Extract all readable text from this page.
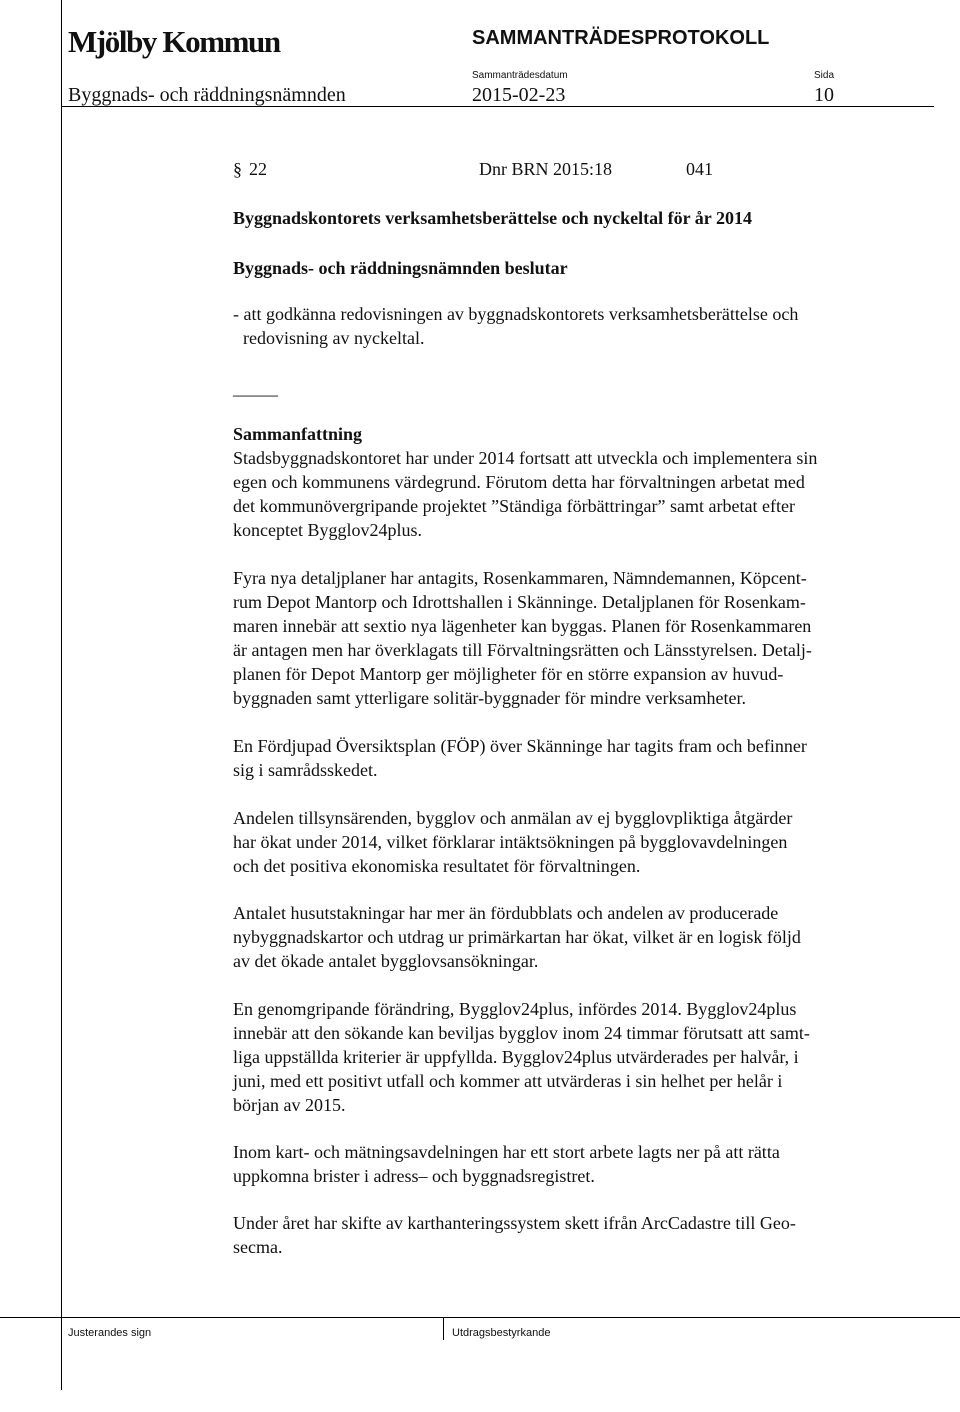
Mjölby Kommun	SAMMANTRÄDESPROTOKOLL
Sammanträdesdatum	Sida
Byggnads- och räddningsnämnden	2015-02-23	10
§ 22	Dnr BRN 2015:18	041

Byggnadskontorets verksamhetsberättelse och nyckeltal för år 2014

Byggnads- och räddningsnämnden beslutar

- att godkänna redovisningen av byggnadskontorets verksamhetsberättelse och

redovisning av nyckeltal.

_____

Sammanfattning

Stadsbyggnadskontoret har under 2014 fortsatt att utveckla och implementera sin

egen och kommunens värdegrund. Förutom detta har förvaltningen arbetat med

det kommunövergripande projektet ”Ständiga förbättringar” samt arbetat efter

konceptet Bygglov24plus.

Fyra nya detaljplaner har antagits, Rosenkammaren, Nämndemannen, Köpcent-

rum Depot Mantorp och Idrottshallen i Skänninge. Detaljplanen för Rosenkam-

maren innebär att sextio nya lägenheter kan byggas. Planen för Rosenkammaren

är antagen men har överklagats till Förvaltningsrätten och Länsstyrelsen. Detalj-

planen för Depot Mantorp ger möjligheter för en större expansion av huvud-

byggnaden samt ytterligare solitär-byggnader för mindre verksamheter.

En Fördjupad Översiktsplan (FÖP) över Skänninge har tagits fram och befinner

sig i samrådsskedet.

Andelen tillsynsärenden, bygglov och anmälan av ej bygglovpliktiga åtgärder

har ökat under 2014, vilket förklarar intäktsökningen på bygglovavdelningen

och det positiva ekonomiska resultatet för förvaltningen.

Antalet husutstakningar har mer än fördubblats och andelen av producerade

nybyggnadskartor och utdrag ur primärkartan har ökat, vilket är en logisk följd

av det ökade antalet bygglovsansökningar.

En genomgripande förändring, Bygglov24plus, infördes 2014. Bygglov24plus

innebär att den sökande kan beviljas bygglov inom 24 timmar förutsatt att samt-

liga uppställda kriterier är uppfyllda. Bygglov24plus utvärderades per halvår, i

juni, med ett positivt utfall och kommer att utvärderas i sin helhet per helår i

början av 2015.

Inom kart- och mätningsavdelningen har ett stort arbete lagts ner på att rätta

uppkomna brister i adress– och byggnadsregistret.

Under året har skifte av karthanteringssystem skett ifrån ArcCadastre till Geo-

secma.

Justerandes sign	Utdragsbestyrkande
